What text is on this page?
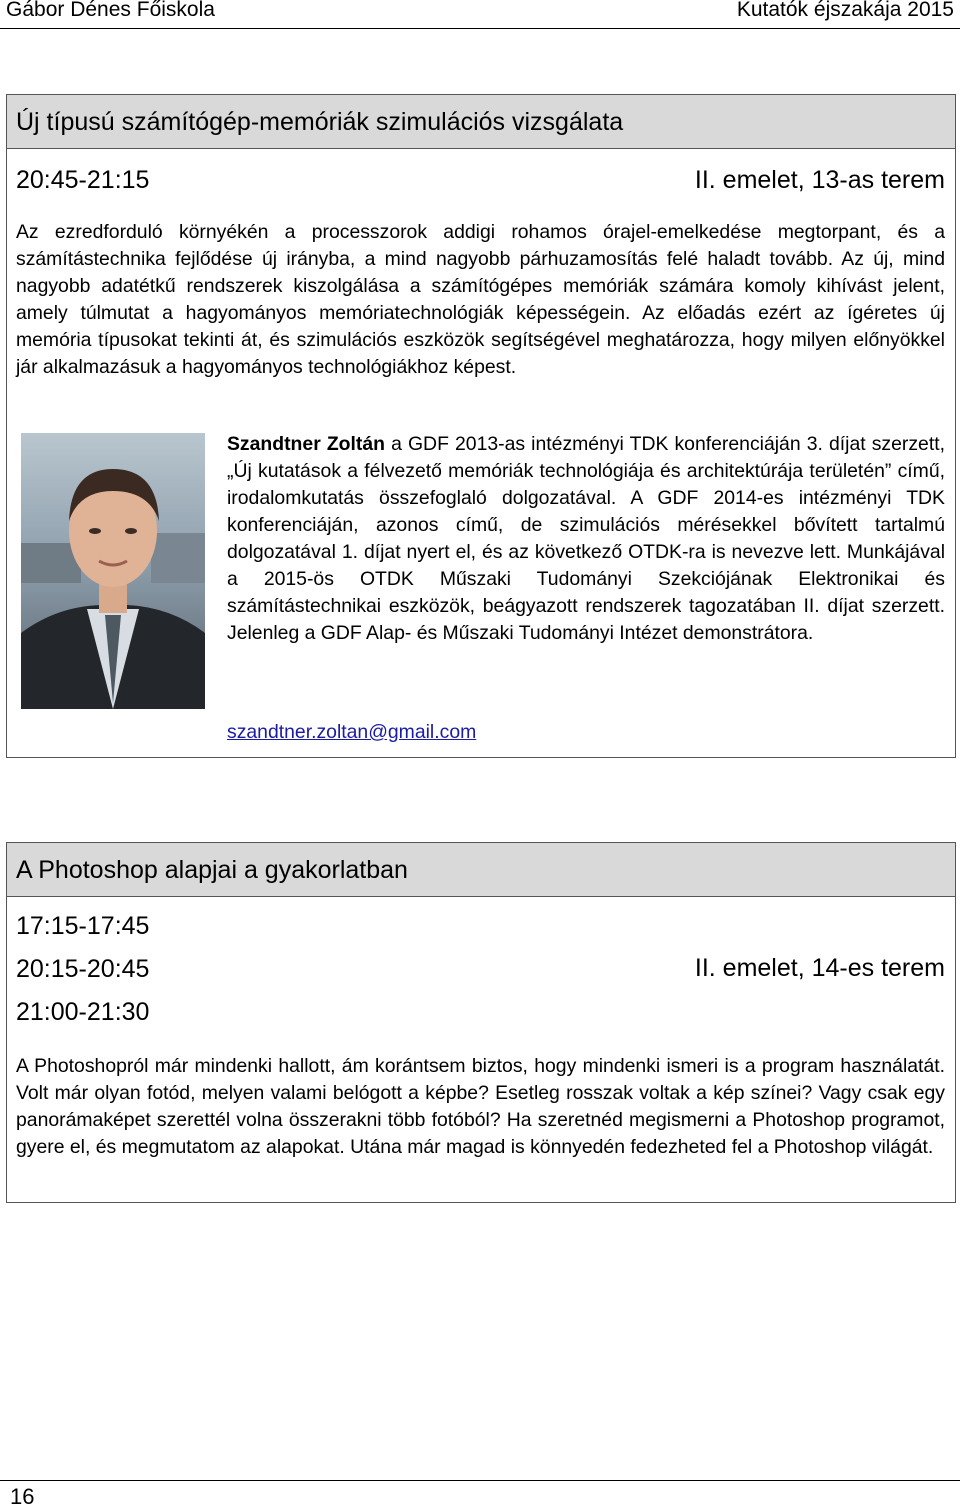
Gábor Dénes Főiskola	Kutatók éjszakája 2015
Új típusú számítógép-memóriák szimulációs vizsgálata
20:45-21:15	II. emelet, 13-as terem

Az ezredforduló környékén a processzorok addigi rohamos órajel-emelkedése megtorpant, és a számítástechnika fejlődése új irányba, a mind nagyobb párhuzamosítás felé haladt tovább. Az új, mind nagyobb adatétkű rendszerek kiszolgálása a számítógépes memóriák számára komoly kihívást jelent, amely túlmutat a hagyományos memóriatechnológiák képességein. Az előadás ezért az ígéretes új memória típusokat tekinti át, és szimulációs eszközök segítségével meghatározza, hogy milyen előnyökkel jár alkalmazásuk a hagyományos technológiákhoz képest.

Szandtner Zoltán a GDF 2013-as intézményi TDK konferenciáján 3. díjat szerzett, „Új kutatások a félvezető memóriák technológiája és architektúrája területén” című, irodalomkutatás összefoglaló dolgozatával. A GDF 2014-es intézményi TDK konferenciáján, azonos című, de szimulációs mérésekkel bővített tartalmú dolgozatával 1. díjat nyert el, és az következő OTDK-ra is nevezve lett. Munkájával a 2015-ös OTDK Műszaki Tudományi Szekciójának Elektronikai és számítástechnikai eszközök, beágyazott rendszerek tagozatában II. díjat szerzett. Jelenleg a GDF Alap- és Műszaki Tudományi Intézet demonstrátora.
szandtner.zoltan@gmail.com
A Photoshop alapjai a gyakorlatban
17:15-17:45
20:15-20:45
21:00-21:30
II. emelet, 14-es terem

A Photoshopról már mindenki hallott, ám korántsem biztos, hogy mindenki ismeri is a program használatát. Volt már olyan fotód, melyen valami belógott a képbe? Esetleg rosszak voltak a kép színei? Vagy csak egy panorámaképet szerettél volna összerakni több fotóból? Ha szeretnéd megismerni a Photoshop programot, gyere el, és megmutatom az alapokat. Utána már magad is könnyedén fedezheted fel a Photoshop világát.

16
